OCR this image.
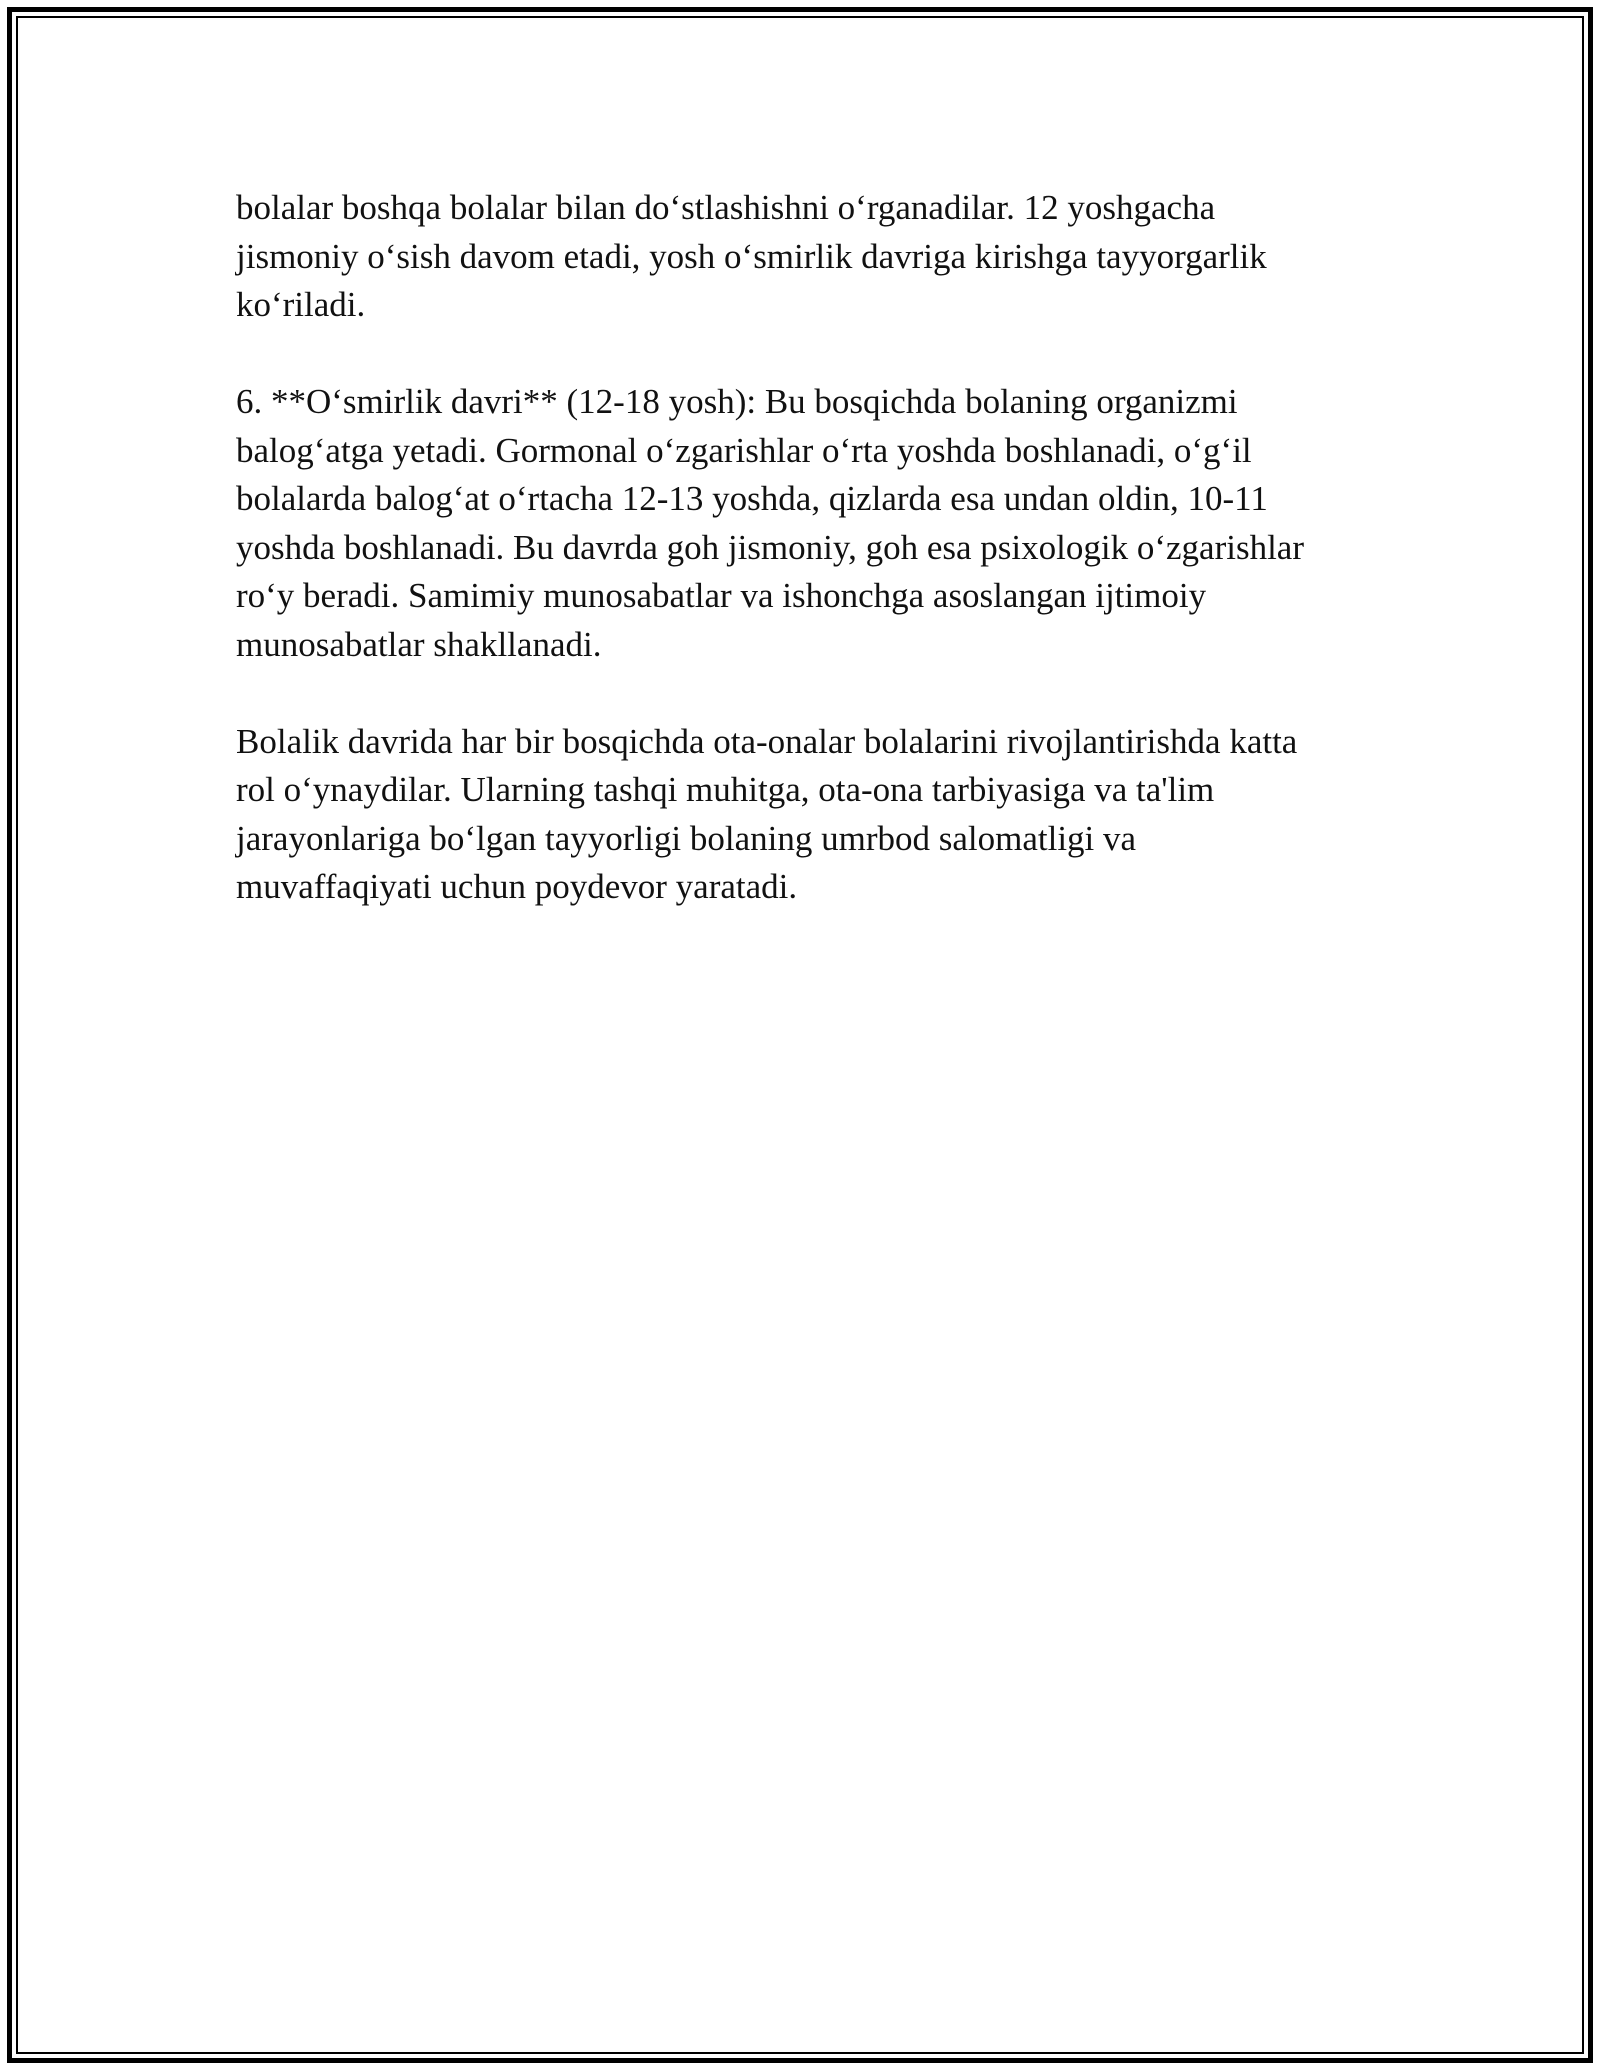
bolalar boshqa bolalar bilan do‘stlashishni o‘rganadilar. 12 yoshgacha
jismoniy o‘sish davom etadi, yosh o‘smirlik davriga kirishga tayyorgarlik
ko‘riladi.

6. **O‘smirlik davri** (12-18 yosh): Bu bosqichda bolaning organizmi
balog‘atga yetadi. Gormonal o‘zgarishlar o‘rta yoshda boshlanadi, o‘g‘il
bolalarda balog‘at o‘rtacha 12-13 yoshda, qizlarda esa undan oldin, 10-11
yoshda boshlanadi. Bu davrda goh jismoniy, goh esa psixologik o‘zgarishlar
ro‘y beradi. Samimiy munosabatlar va ishonchga asoslangan ijtimoiy
munosabatlar shakllanadi.

Bolalik davrida har bir bosqichda ota-onalar bolalarini rivojlantirishda katta
rol o‘ynaydilar. Ularning tashqi muhitga, ota-ona tarbiyasiga va ta'lim
jarayonlariga bo‘lgan tayyorligi bolaning umrbod salomatligi va
muvaffaqiyati uchun poydevor yaratadi.
